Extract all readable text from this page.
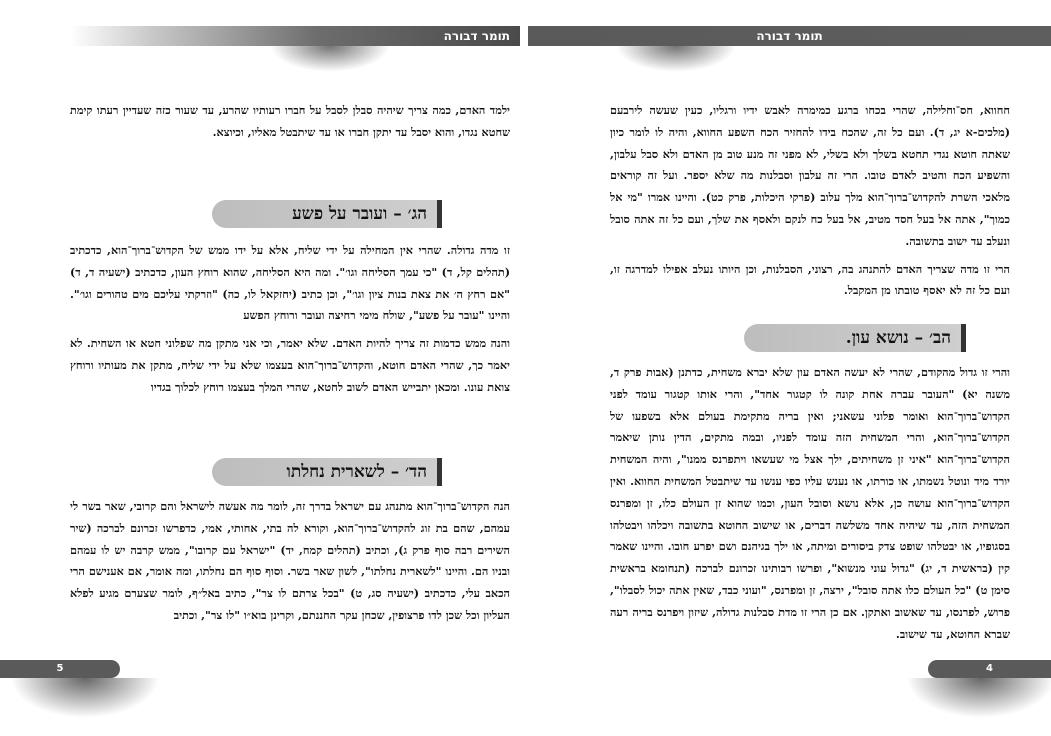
תומר דבורה
ילמד האדם, כמה צריך שיהיה סבלן לסבל על חברו רעותיו שהרע, עד שעור כזה שעדיין רעתו קימת שחטא נגדו, והוא יסבל עד יתקן חברו או עד שיתבטל מאליו, וכיוצא.
הג׳ – ועובר על פשע

זו מדה גדולה. שהרי אין המחילה על ידי שליח, אלא על ידו ממש של הקדוש־ברוך־הוא, כדכתיב (תהלים קל, ד) "כי עמך הסליחה וגו׳". ומה היא הסליחה, שהוא רוחץ העון, כדכתיב (ישעיה ד, ד) "אם רחץ ה׳ את צאת בנות ציון וגו׳", וכן כתיב (יחזקאל לו, כה) "וזרקתי עליכם מים טהורים וגו׳". והיינו "עובר על פשע", שולח מימי רחיצה ועובר ורוחץ הפשע

והנה ממש כדמות זה צריך להיות האדם. שלא יאמר, וכי אני מתקן מה שפלוני חטא או השחית. לא יאמר כך, שהרי האדם חוטא, והקדוש־ברוך־הוא בעצמו שלא על ידי שליח, מתקן את מעותיו ורוחץ צואת עונו. ומכאן יתבייש האדם לשוב לחטא, שהרי המלך בעצמו רוחץ לכלוך בגדיו

הד׳ – לשארית נחלתו
הנה הקדוש־ברוך־הוא מתנהג עם ישראל בדרך זה, לומר מה אעשה לישראל והם קרובי, שאר בשר לי עמהם, שהם בת זוג להקדוש־ברוך־הוא, וקורא לה בתי, אחותי, אמי, כדפרשו זכרונם לברכה (שיר השירים רבה סוף פרק ג), וכתיב (תהלים קמח, יד) "ישראל עם קרובו", ממש קרבה יש לו עמהם ובניו הם. והיינו "לשארית נחלתו", לשון שאר בשר. וסוף סוף הם נחלתו, ומה אומר, אם אענישם הרי הכאב עלי, כדכתיב (ישעיה סג, ט) "בכל צרתם לו צר", כתיב באל״ף, לומר שצערם מגיע לפלא העליון וכל שכן לדו פרצופין, שכחן עקר החננתם, וקרינן בוא״ו "לו צר", וכתיב
5
תומר דבורה

חחווא, חס־וחלילה, שהרי בכחו ברגע כמימרה לאבש ידיו ורגליו, כעין שעשה לירבעם (מלכים-א יג, ד). ועם כל זה, שהכח בידו להחזיר הכח השפע החווא, והיה לו לומר כיון שאתה חוטא נגדי תחטא בשלך ולא בשלי, לא מפני זה מנע טוב מן האדם ולא סבל עלבון, והשפיע הכח והטיב לאדם טובו. הרי זה עלבון וסבלנות מה שלא יספר. ועל זה קוראים מלאכי השרת להקדוש־ברוך־הוא מלך עלוב (פרקי היכלות, פרק כט). והיינו אמרו "מי אל כמוך", אתה אל בעל חסד מטיב, אל בעל כח לנקם ולאסף את שלך, ועם כל זה אתה סובל ונעלב עד ישוב בתשובה.

הרי זו מדה שצריך האדם להתנהג בה, רצוני, הסבלנות, וכן היותו נעלב אפילו למדרגה זו, ועם כל זה לא יאסף טובתו מן המקבל.

הב׳ – נושא עון.
והרי זו גדול מהקודם, שהרי לא יעשה האדם עון שלא יברא משחית, כדתנן (אבות פרק ד, משנה יא) "העובר עברה אחת קונה לו קטגור אחד", והרי אותו קטגור עומד לפני הקדוש־ברוך־הוא ואומר פלוני עשאני; ואין בריה מתקימת בעולם אלא בשפעו של הקדוש־ברוך־הוא, והרי המשחית הזה עומד לפניו, ובמה מתקים, הדין נותן שיאמר הקדוש־ברוך־הוא "איני זן משחיתים, ילך אצל מי שעשאו ויתפרנס ממנו", והיה המשחית יורד מיד ונוטל נשמתו, או כורתו, או נענש עליו כפי ענשו עד שיתבטל המשחית החווא. ואין הקדוש־ברוך־הוא עושה כן, אלא נושא וסובל העון, וכמו שהוא זן העולם כלו, זן ומפרנס המשחית הזה, עד שיהיה אחד משלשה דברים, או שישוב החוטא בתשובה ויכלהו ויבטלהו בסגופיו, או יבטלהו שופט צדק ביסורים ומיתה, או ילך בגיהנם ושם יפרע חובו. והיינו שאמר קין (בראשית ד, יג) "גדול עוני מנשוא", ופרשו רבותינו זכרונם לברכה (תנחומא בראשית סימן ט) "כל העולם כלו אתה סובל", ירצה, זן ומפרנס, "ועוני כבד, שאין אתה יכול לסבלו", פרוש, לפרנסו, עד שאשוב ואתקן. אם כן הרי זו מדת סבלנות גדולה, שיזון ויפרנס בריה רעה שברא החוטא, עד שישוב.
4
